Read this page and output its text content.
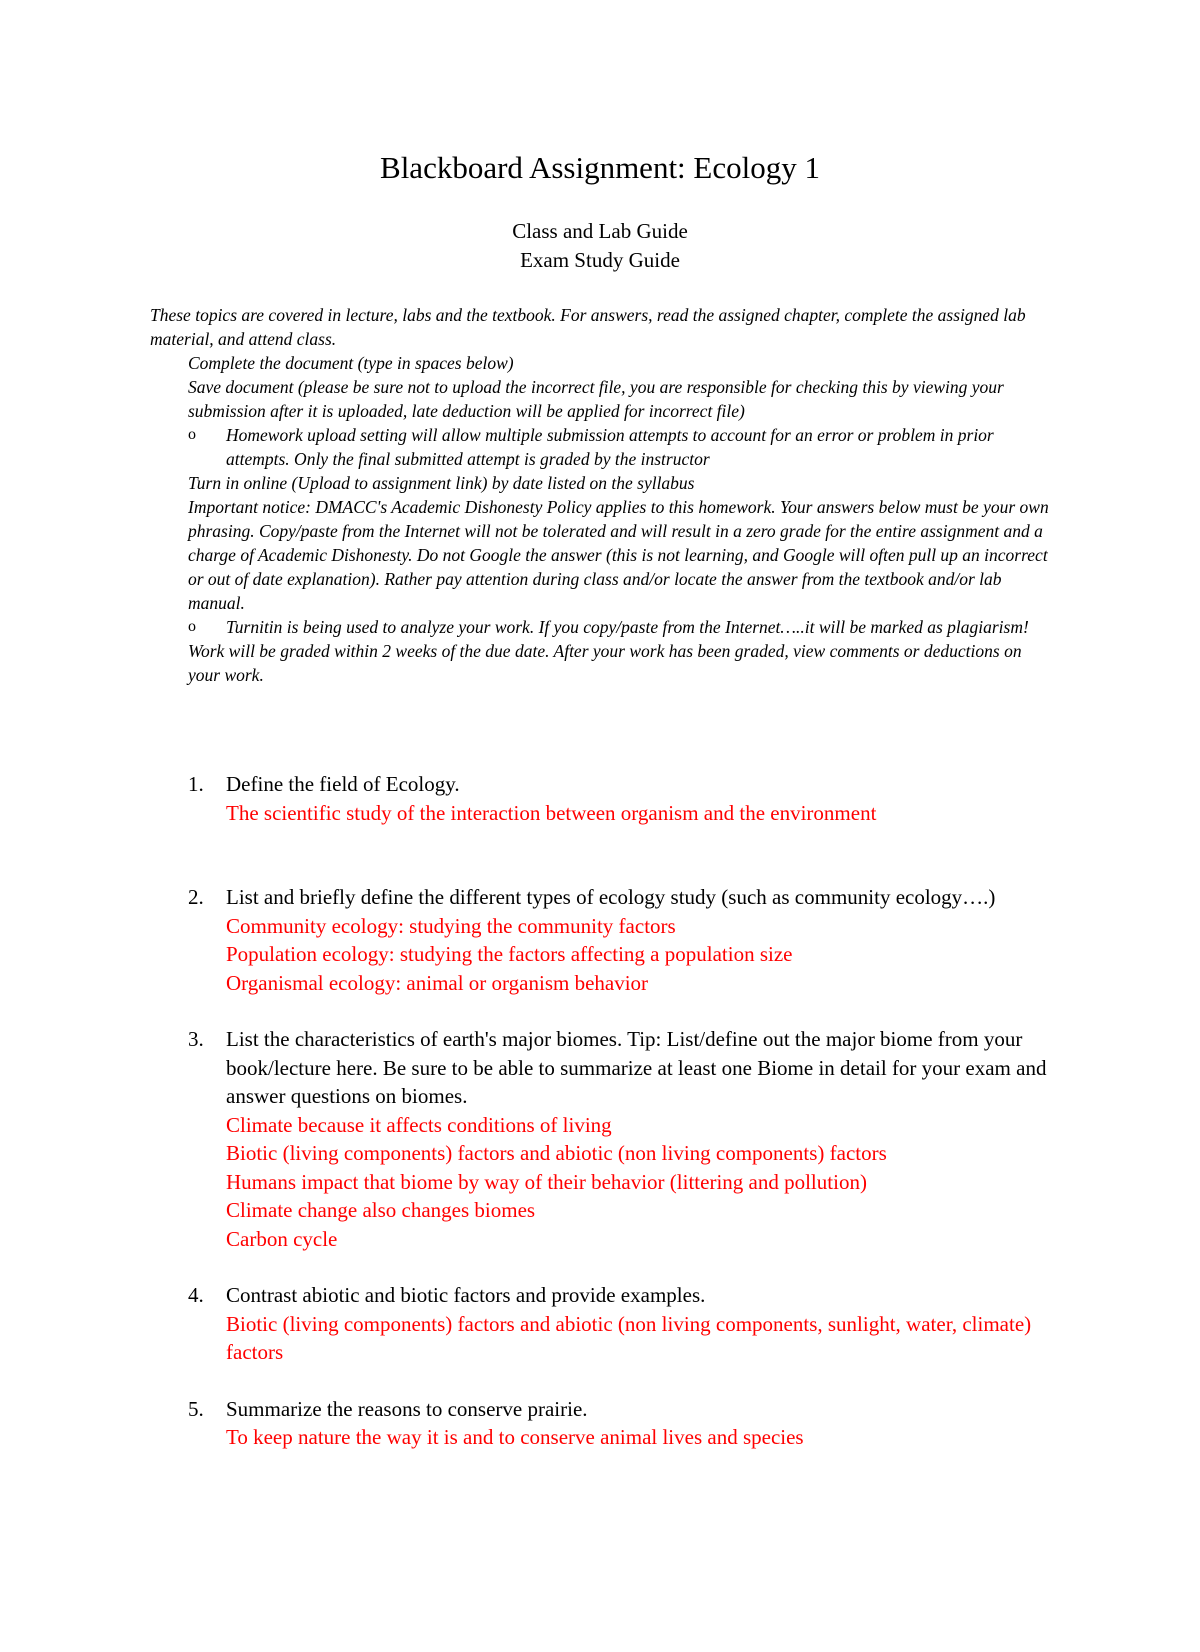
Blackboard Assignment: Ecology 1
Class and Lab Guide
Exam Study Guide

These topics are covered in lecture, labs and the textbook. For answers, read the assigned chapter, complete the assigned lab material, and attend class.

Complete the document (type in spaces below)
Save document (please be sure not to upload the incorrect file, you are responsible for checking this by viewing your submission after it is uploaded, late deduction will be applied for incorrect file)
o Homework upload setting will allow multiple submission attempts to account for an error or problem in prior attempts. Only the final submitted attempt is graded by the instructor
Turn in online (Upload to assignment link) by date listed on the syllabus
Important notice: DMACC's Academic Dishonesty Policy applies to this homework. Your answers below must be your own phrasing. Copy/paste from the Internet will not be tolerated and will result in a zero grade for the entire assignment and a charge of Academic Dishonesty. Do not Google the answer (this is not learning, and Google will often pull up an incorrect or out of date explanation). Rather pay attention during class and/or locate the answer from the textbook and/or lab manual.
o Turnitin is being used to analyze your work. If you copy/paste from the Internet…..it will be marked as plagiarism!
Work will be graded within 2 weeks of the due date. After your work has been graded, view comments or deductions on your work.
1. Define the field of Ecology.
The scientific study of the interaction between organism and the environment
2. List and briefly define the different types of ecology study (such as community ecology….)
Community ecology: studying the community factors
Population ecology: studying the factors affecting a population size
Organismal ecology: animal or organism behavior
3. List the characteristics of earth's major biomes. Tip: List/define out the major biome from your book/lecture here. Be sure to be able to summarize at least one Biome in detail for your exam and answer questions on biomes.
Climate because it affects conditions of living
Biotic (living components) factors and abiotic (non living components) factors
Humans impact that biome by way of their behavior (littering and pollution)
Climate change also changes biomes
Carbon cycle
4. Contrast abiotic and biotic factors and provide examples.
Biotic (living components) factors and abiotic (non living components, sunlight, water, climate) factors
5. Summarize the reasons to conserve prairie.
To keep nature the way it is and to conserve animal lives and species
